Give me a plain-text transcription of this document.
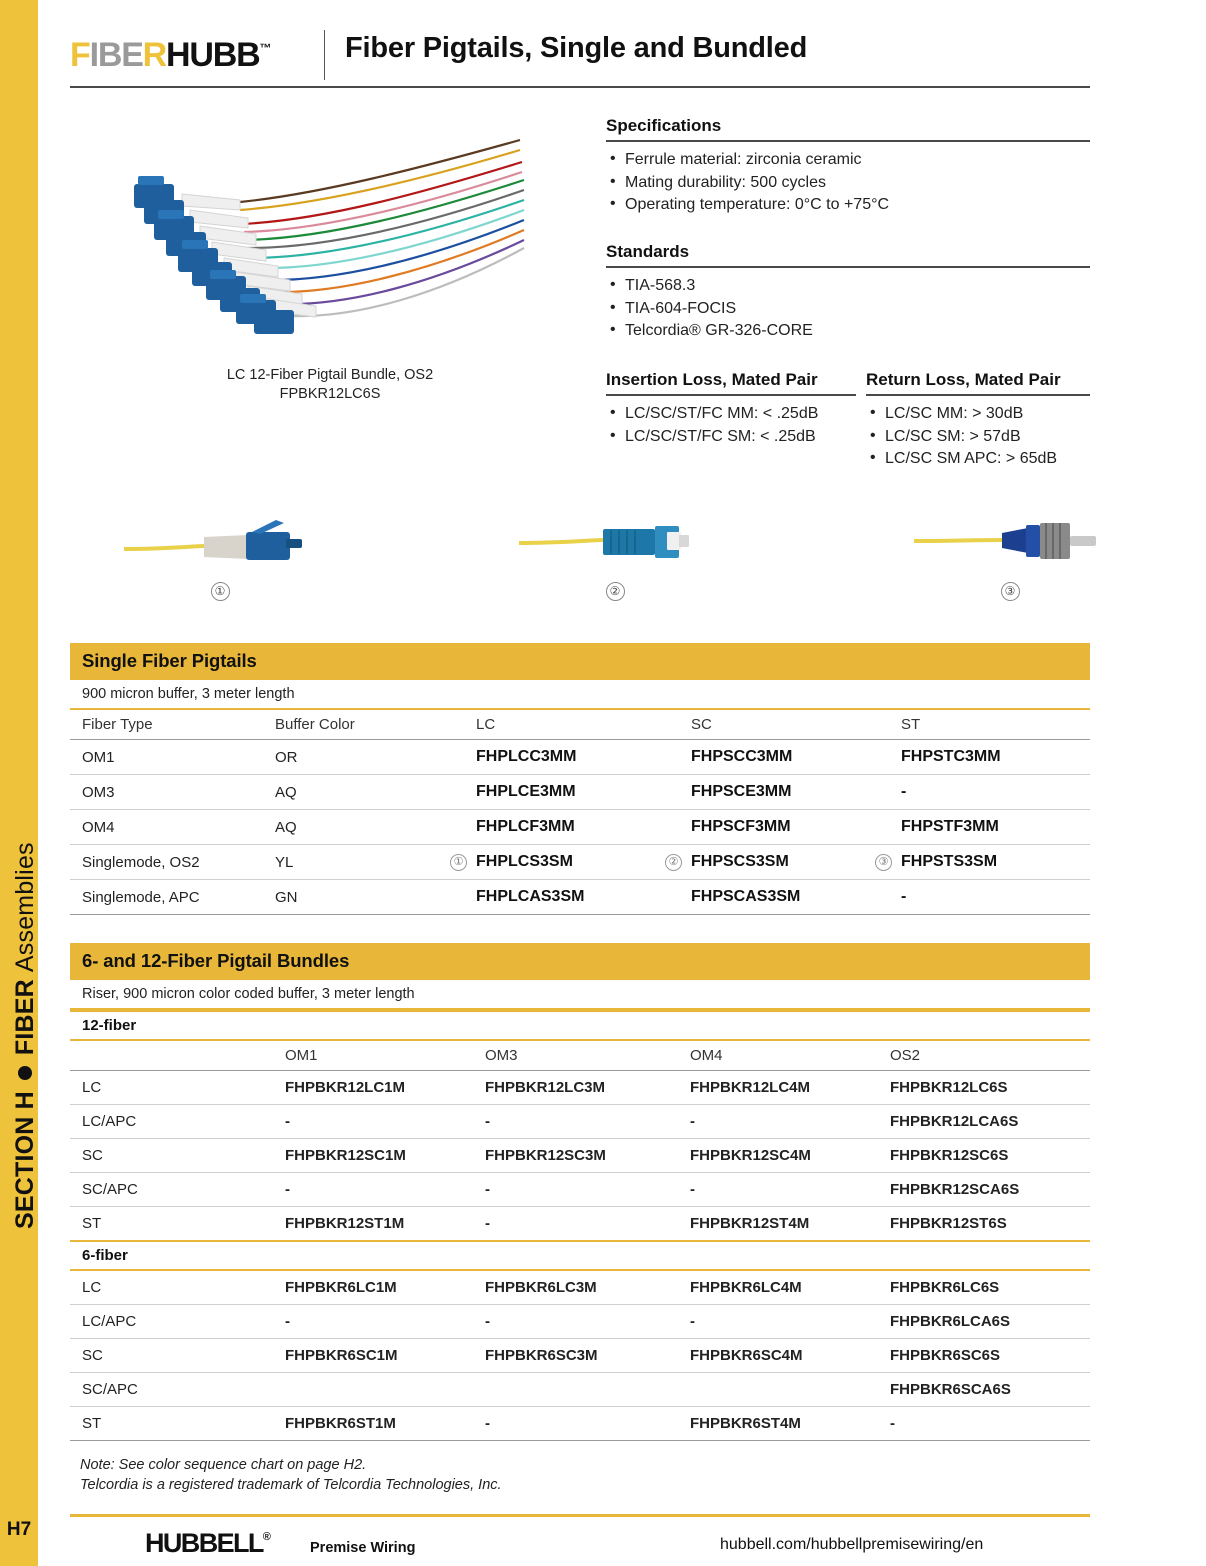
SECTION H
FIBER
Assemblies
H7
FIBERHUBB™	Fiber Pigtails, Single and Bundled
LC 12-Fiber Pigtail Bundle, OS2
FPBKR12LC6S
Specifications
• Ferrule material: zirconia ceramic
• Mating durability: 500 cycles
• Operating temperature: 0°C to +75°C
Standards
• TIA-568.3
• TIA-604-FOCIS
• Telcordia® GR-326-CORE
Insertion Loss, Mated Pair
• LC/SC/ST/FC MM: < .25dB
• LC/SC/ST/FC SM: < .25dB
Return Loss, Mated Pair
• LC/SC MM: > 30dB
• LC/SC SM: > 57dB
• LC/SC SM APC: > 65dB
①	②	③
Single Fiber Pigtails
900 micron buffer, 3 meter length
Fiber Type	Buffer Color	LC	SC	ST
OM1	OR	FHPLCC3MM	FHPSCC3MM	FHPSTC3MM
OM3	AQ	FHPLCE3MM	FHPSCE3MM	-
OM4	AQ	FHPLCF3MM	FHPSCF3MM	FHPSTF3MM
Singlemode, OS2	YL	① FHPLCS3SM	② FHPSCS3SM	③ FHPSTS3SM
Singlemode, APC	GN	FHPLCAS3SM	FHPSCAS3SM	-
6- and 12-Fiber Pigtail Bundles
Riser, 900 micron color coded buffer, 3 meter length
12-fiber				
	OM1	OM3	OM4	OS2
LC	FHPBKR12LC1M	FHPBKR12LC3M	FHPBKR12LC4M	FHPBKR12LC6S
LC/APC	-	-	-	FHPBKR12LCA6S
SC	FHPBKR12SC1M	FHPBKR12SC3M	FHPBKR12SC4M	FHPBKR12SC6S
SC/APC	-	-	-	FHPBKR12SCA6S
ST	FHPBKR12ST1M	-	FHPBKR12ST4M	FHPBKR12ST6S
6-fiber				
LC	FHPBKR6LC1M	FHPBKR6LC3M	FHPBKR6LC4M	FHPBKR6LC6S
LC/APC	-	-	-	FHPBKR6LCA6S
SC	FHPBKR6SC1M	FHPBKR6SC3M	FHPBKR6SC4M	FHPBKR6SC6S
SC/APC				FHPBKR6SCA6S
ST	FHPBKR6ST1M	-	FHPBKR6ST4M	-
Note: See color sequence chart on page H2.
Telcordia is a registered trademark of Telcordia Technologies, Inc.
HUBBELL®
Premise Wiring	hubbell.com/hubbellpremisewiring/en
